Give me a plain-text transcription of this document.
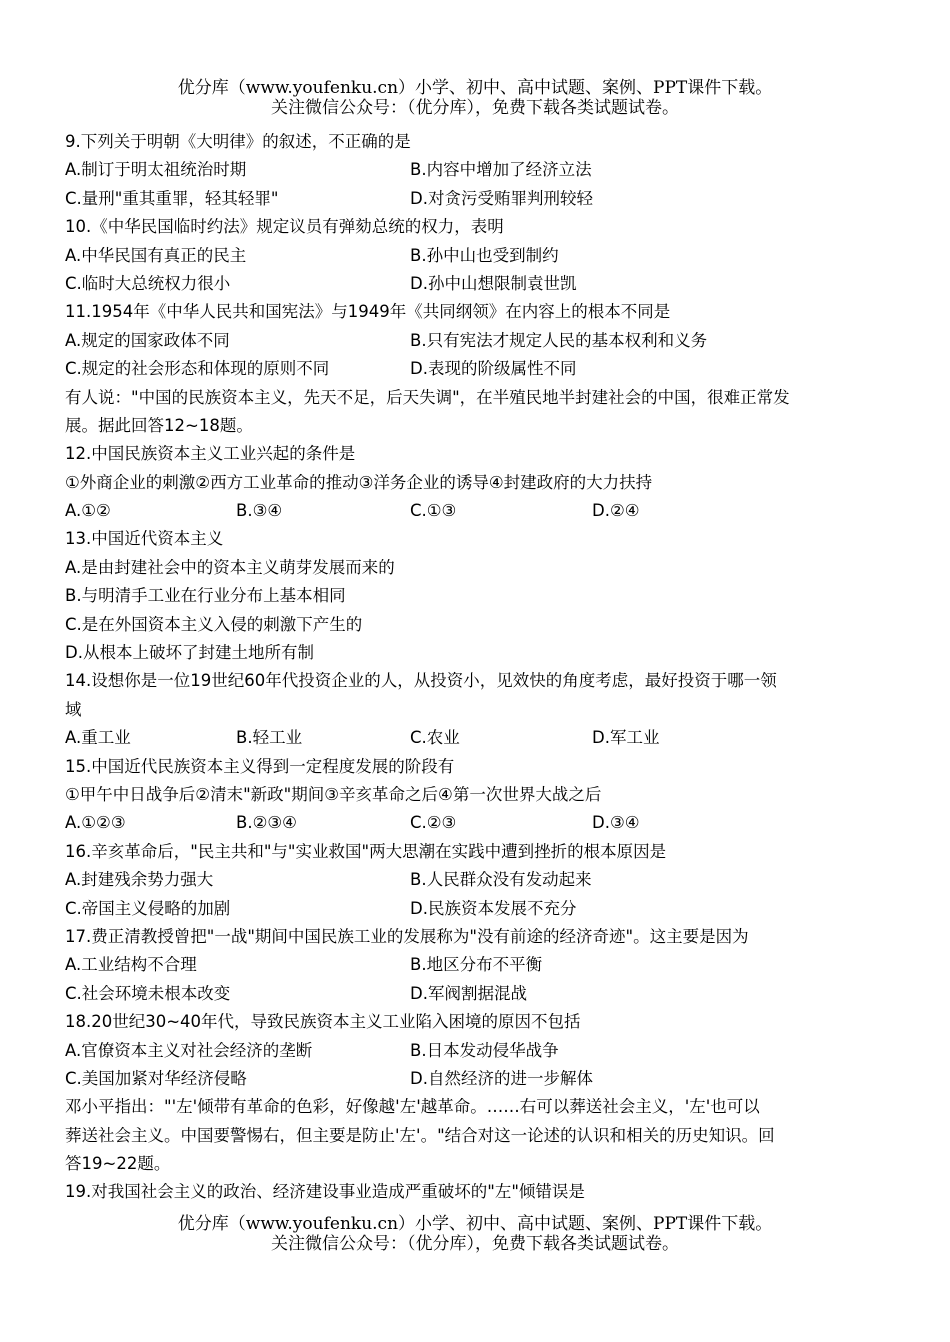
优分库（www.youfenku.cn）小学、初中、高中试题、案例、PPT课件下载。
关注微信公众号：（优分库），免费下载各类试题试卷。
9.下列关于明朝《大明律》的叙述，不正确的是
A.制订于明太祖统治时期	B.内容中增加了经济立法
C.量刑"重其重罪，轻其轻罪"	D.对贪污受贿罪判刑较轻
10.《中华民国临时约法》规定议员有弹劾总统的权力，表明
A.中华民国有真正的民主	B.孙中山也受到制约
C.临时大总统权力很小	D.孙中山想限制袁世凯
11.1954年《中华人民共和国宪法》与1949年《共同纲领》在内容上的根本不同是
A.规定的国家政体不同	B.只有宪法才规定人民的基本权利和义务
C.规定的社会形态和体现的原则不同	D.表现的阶级属性不同
有人说："中国的民族资本主义，先天不足，后天失调"，在半殖民地半封建社会的中国，很难正常发
展。据此回答12~18题。
12.中国民族资本主义工业兴起的条件是
①外商企业的刺激②西方工业革命的推动③洋务企业的诱导④封建政府的大力扶持
A.①②	B.③④	C.①③	D.②④
13.中国近代资本主义
A.是由封建社会中的资本主义萌芽发展而来的
B.与明清手工业在行业分布上基本相同
C.是在外国资本主义入侵的刺激下产生的
D.从根本上破坏了封建土地所有制
14.设想你是一位19世纪60年代投资企业的人，从投资小，见效快的角度考虑，最好投资于哪一领
域
A.重工业	B.轻工业	C.农业	D.军工业
15.中国近代民族资本主义得到一定程度发展的阶段有
①甲午中日战争后②清末"新政"期间③辛亥革命之后④第一次世界大战之后
A.①②③	B.②③④	C.②③	D.③④
16.辛亥革命后，"民主共和"与"实业救国"两大思潮在实践中遭到挫折的根本原因是
A.封建残余势力强大	B.人民群众没有发动起来
C.帝国主义侵略的加剧	D.民族资本发展不充分
17.费正清教授曾把"一战"期间中国民族工业的发展称为"没有前途的经济奇迹"。这主要是因为
A.工业结构不合理	B.地区分布不平衡
C.社会环境未根本改变	D.军阀割据混战
18.20世纪30~40年代，导致民族资本主义工业陷入困境的原因不包括
A.官僚资本主义对社会经济的垄断	B.日本发动侵华战争
C.美国加紧对华经济侵略	D.自然经济的进一步解体
邓小平指出："'左'倾带有革命的色彩，好像越'左'越革命。……右可以葬送社会主义，'左'也可以
葬送社会主义。中国要警惕右，但主要是防止'左'。"结合对这一论述的认识和相关的历史知识。回
答19~22题。
19.对我国社会主义的政治、经济建设事业造成严重破坏的"左"倾错误是
优分库（www.youfenku.cn）小学、初中、高中试题、案例、PPT课件下载。
关注微信公众号：（优分库），免费下载各类试题试卷。
